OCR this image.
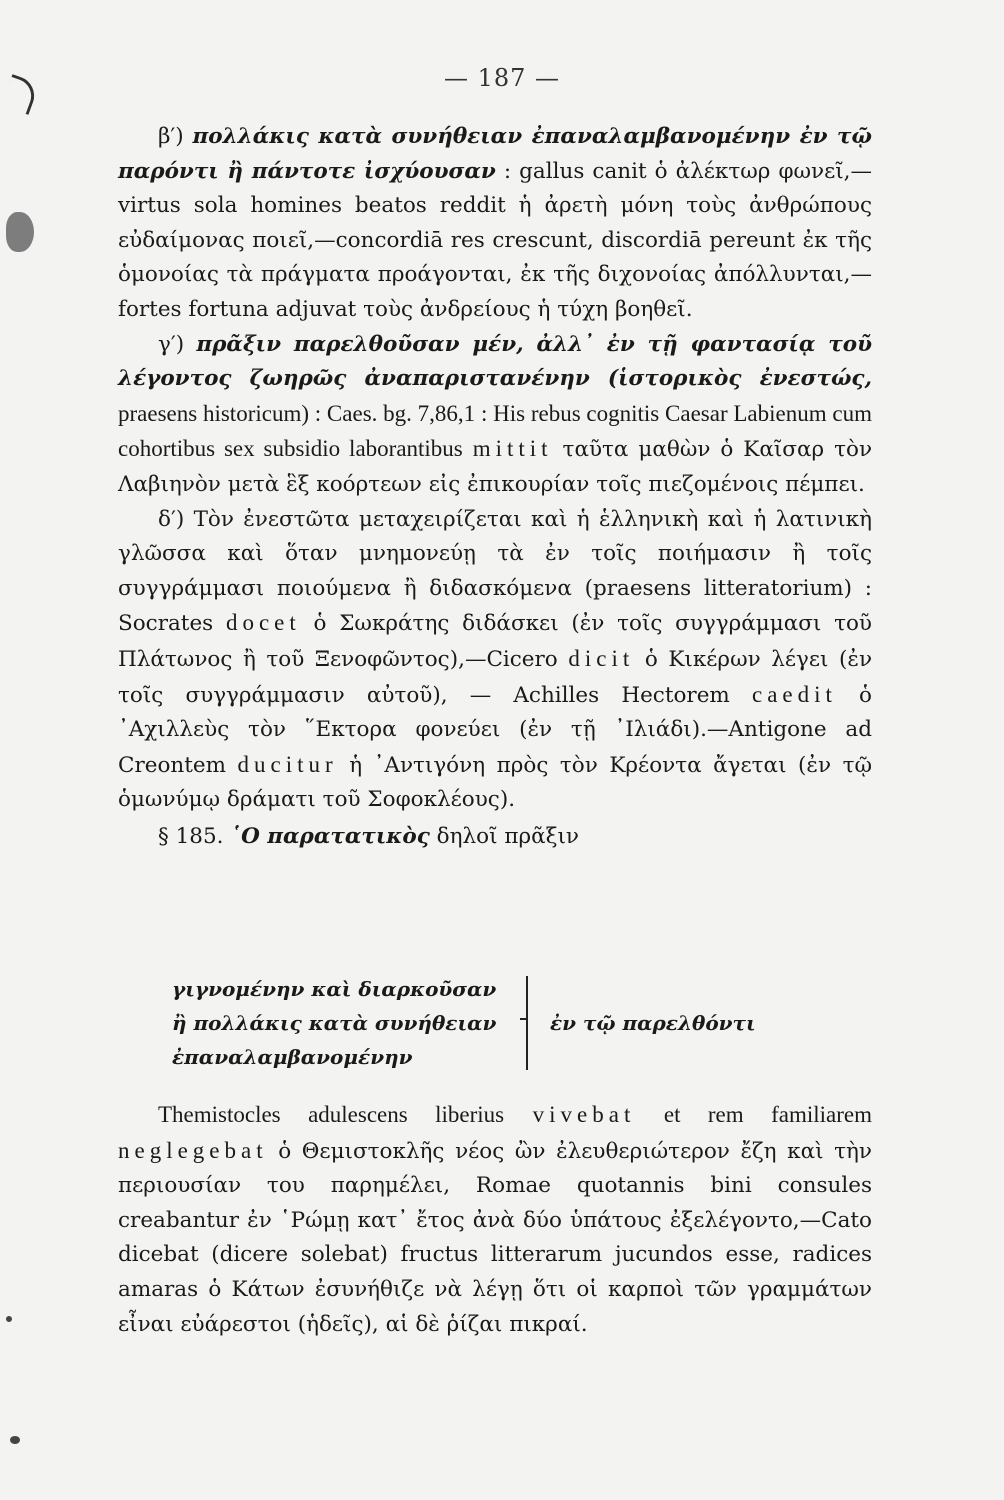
— 187 —

β′) πολλάκις κατὰ συνήθειαν ἐπαναλαμβανομένην ἐν τῷ παρόντι ἢ πάντοτε ἰσχύουσαν : gallus canit ὁ ἀλέκτωρ φωνεῖ,— virtus sola homines beatos reddit ἡ ἀρετὴ μόνη τοὺς ἀνθρώπους εὐδαίμονας ποιεῖ,—concordiā res crescunt, discordiā pereunt ἐκ τῆς ὁμονοίας τὰ πράγματα προάγονται, ἐκ τῆς διχονοίας ἀπόλλυνται,—fortes fortuna adjuvat τοὺς ἀνδρείους ἡ τύχη βοηθεῖ.

γ′) πρᾶξιν παρελθοῦσαν μέν, ἀλλ᾿ ἐν τῇ φαντασίᾳ τοῦ λέγοντος ζωηρῶς ἀναπαριστανένην (ἱστορικὸς ἐνεστώς, praesens historicum) : Caes. bg. 7,86,1 : His rebus cognitis Caesar Labienum cum cohortibus sex subsidio laborantibus mittit ταῦτα μαθὼν ὁ Καῖσαρ τὸν Λαβιηνὸν μετὰ ἓξ κοόρτεων εἰς ἐπικουρίαν τοῖς πιεζομένοις πέμπει.

δ′) Τὸν ἐνεστῶτα μεταχειρίζεται καὶ ἡ ἑλληνικὴ καὶ ἡ λατινικὴ γλῶσσα καὶ ὅταν μνημονεύῃ τὰ ἐν τοῖς ποιήμασιν ἢ τοῖς συγγράμμασι ποιούμενα ἢ διδασκόμενα (praesens litteratorium) : Socrates docet ὁ Σωκράτης διδάσκει (ἐν τοῖς συγγράμμασι τοῦ Πλάτωνος ἢ τοῦ Ξενοφῶντος),—Cicero dicit ὁ Κικέρων λέγει (ἐν τοῖς συγγράμμασιν αὐτοῦ), — Achilles Hectorem caedit ὁ ᾿Αχιλλεὺς τὸν ῞Εκτορα φονεύει (ἐν τῇ ᾿Ιλιάδι).—Antigone ad Creontem ducitur ἡ ᾿Αντιγόνη πρὸς τὸν Κρέοντα ἄγεται (ἐν τῷ ὁμωνύμῳ δράματι τοῦ Σοφοκλέους).

§ 185. ῾Ο παρατατικὸς δηλοῖ πρᾶξιν

γιγνομένην καὶ διαρκοῦσαν
ἢ πολλάκις κατὰ συνήθειαν
ἐπαναλαμβανομένην
ἐν τῷ παρελθόντι

Themistocles adulescens liberius vivebat et rem familiarem neglegebat ὁ Θεμιστοκλῆς νέος ὢν ἐλευθεριώτερον ἔζη καὶ τὴν περιουσίαν του παρημέλει, Romae quotannis bini consules creabantur ἐν ῾Ρώμῃ κατ᾿ ἔτος ἀνὰ δύο ὑπάτους ἐξελέγοντο,—Cato dicebat (dicere solebat) fructus litterarum jucundos esse, radices amaras ὁ Κάτων ἐσυνήθιζε νὰ λέγῃ ὅτι οἱ καρποὶ τῶν γραμμάτων εἶναι εὐάρεστοι (ἡδεῖς), αἱ δὲ ῥίζαι πικραί.
